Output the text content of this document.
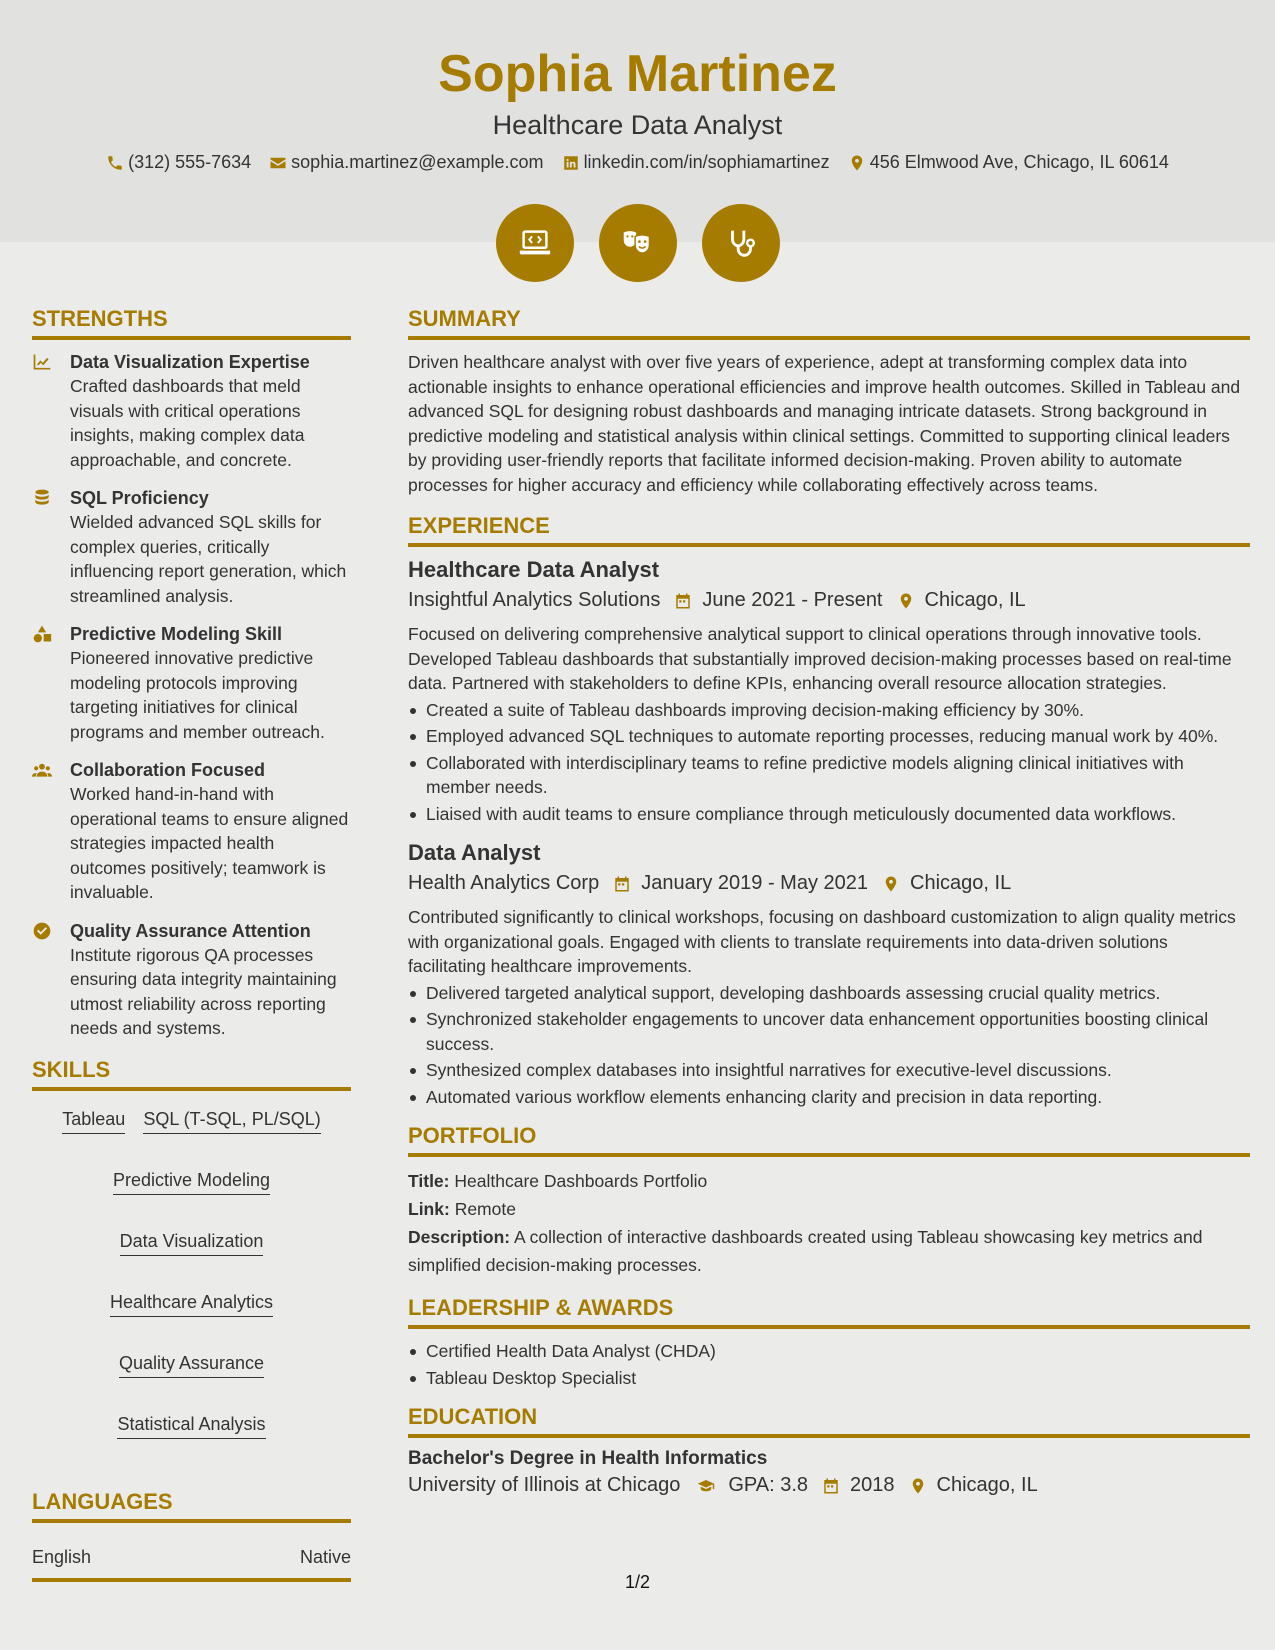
Sophia Martinez
Healthcare Data Analyst
(312) 555-7634 sophia.martinez@example.com linkedin.com/in/sophiamartinez 456 Elmwood Ave, Chicago, IL 60614
STRENGTHS
Data Visualization Expertise

Crafted dashboards that meld visuals with critical operations insights, making complex data approachable, and concrete.

SQL Proficiency

Wielded advanced SQL skills for complex queries, critically influencing report generation, which streamlined analysis.

Predictive Modeling Skill

Pioneered innovative predictive modeling protocols improving targeting initiatives for clinical programs and member outreach.

Collaboration Focused

Worked hand-in-hand with operational teams to ensure aligned strategies impacted health outcomes positively; teamwork is invaluable.

Quality Assurance Attention

Institute rigorous QA processes ensuring data integrity maintaining utmost reliability across reporting needs and systems.

SKILLS
Tableau SQL (T-SQL, PL/SQL)
Predictive Modeling
Data Visualization
Healthcare Analytics
Quality Assurance
Statistical Analysis
LANGUAGES
English	Native
SUMMARY

Driven healthcare analyst with over five years of experience, adept at transforming complex data into actionable insights to enhance operational efficiencies and improve health outcomes. Skilled in Tableau and advanced SQL for designing robust dashboards and managing intricate datasets. Strong background in predictive modeling and statistical analysis within clinical settings. Committed to supporting clinical leaders by providing user-friendly reports that facilitate informed decision-making. Proven ability to automate processes for higher accuracy and efficiency while collaborating effectively across teams.

EXPERIENCE
Healthcare Data Analyst
Insightful Analytics Solutions June 2021 - Present Chicago, IL

Focused on delivering comprehensive analytical support to clinical operations through innovative tools. Developed Tableau dashboards that substantially improved decision-making processes based on real-time data. Partnered with stakeholders to define KPIs, enhancing overall resource allocation strategies.

Created a suite of Tableau dashboards improving decision-making efficiency by 30%.
Employed advanced SQL techniques to automate reporting processes, reducing manual work by 40%.
Collaborated with interdisciplinary teams to refine predictive models aligning clinical initiatives with member needs.
Liaised with audit teams to ensure compliance through meticulously documented data workflows.
Data Analyst
Health Analytics Corp January 2019 - May 2021 Chicago, IL

Contributed significantly to clinical workshops, focusing on dashboard customization to align quality metrics with organizational goals. Engaged with clients to translate requirements into data-driven solutions facilitating healthcare improvements.

Delivered targeted analytical support, developing dashboards assessing crucial quality metrics.
Synchronized stakeholder engagements to uncover data enhancement opportunities boosting clinical success.
Synthesized complex databases into insightful narratives for executive-level discussions.
Automated various workflow elements enhancing clarity and precision in data reporting.
PORTFOLIO
Title: Healthcare Dashboards Portfolio
Link: Remote
Description: A collection of interactive dashboards created using Tableau showcasing key metrics and simplified decision-making processes.
LEADERSHIP & AWARDS
Certified Health Data Analyst (CHDA)
Tableau Desktop Specialist
EDUCATION
Bachelor's Degree in Health Informatics
University of Illinois at Chicago GPA: 3.8 2018 Chicago, IL
1/2
